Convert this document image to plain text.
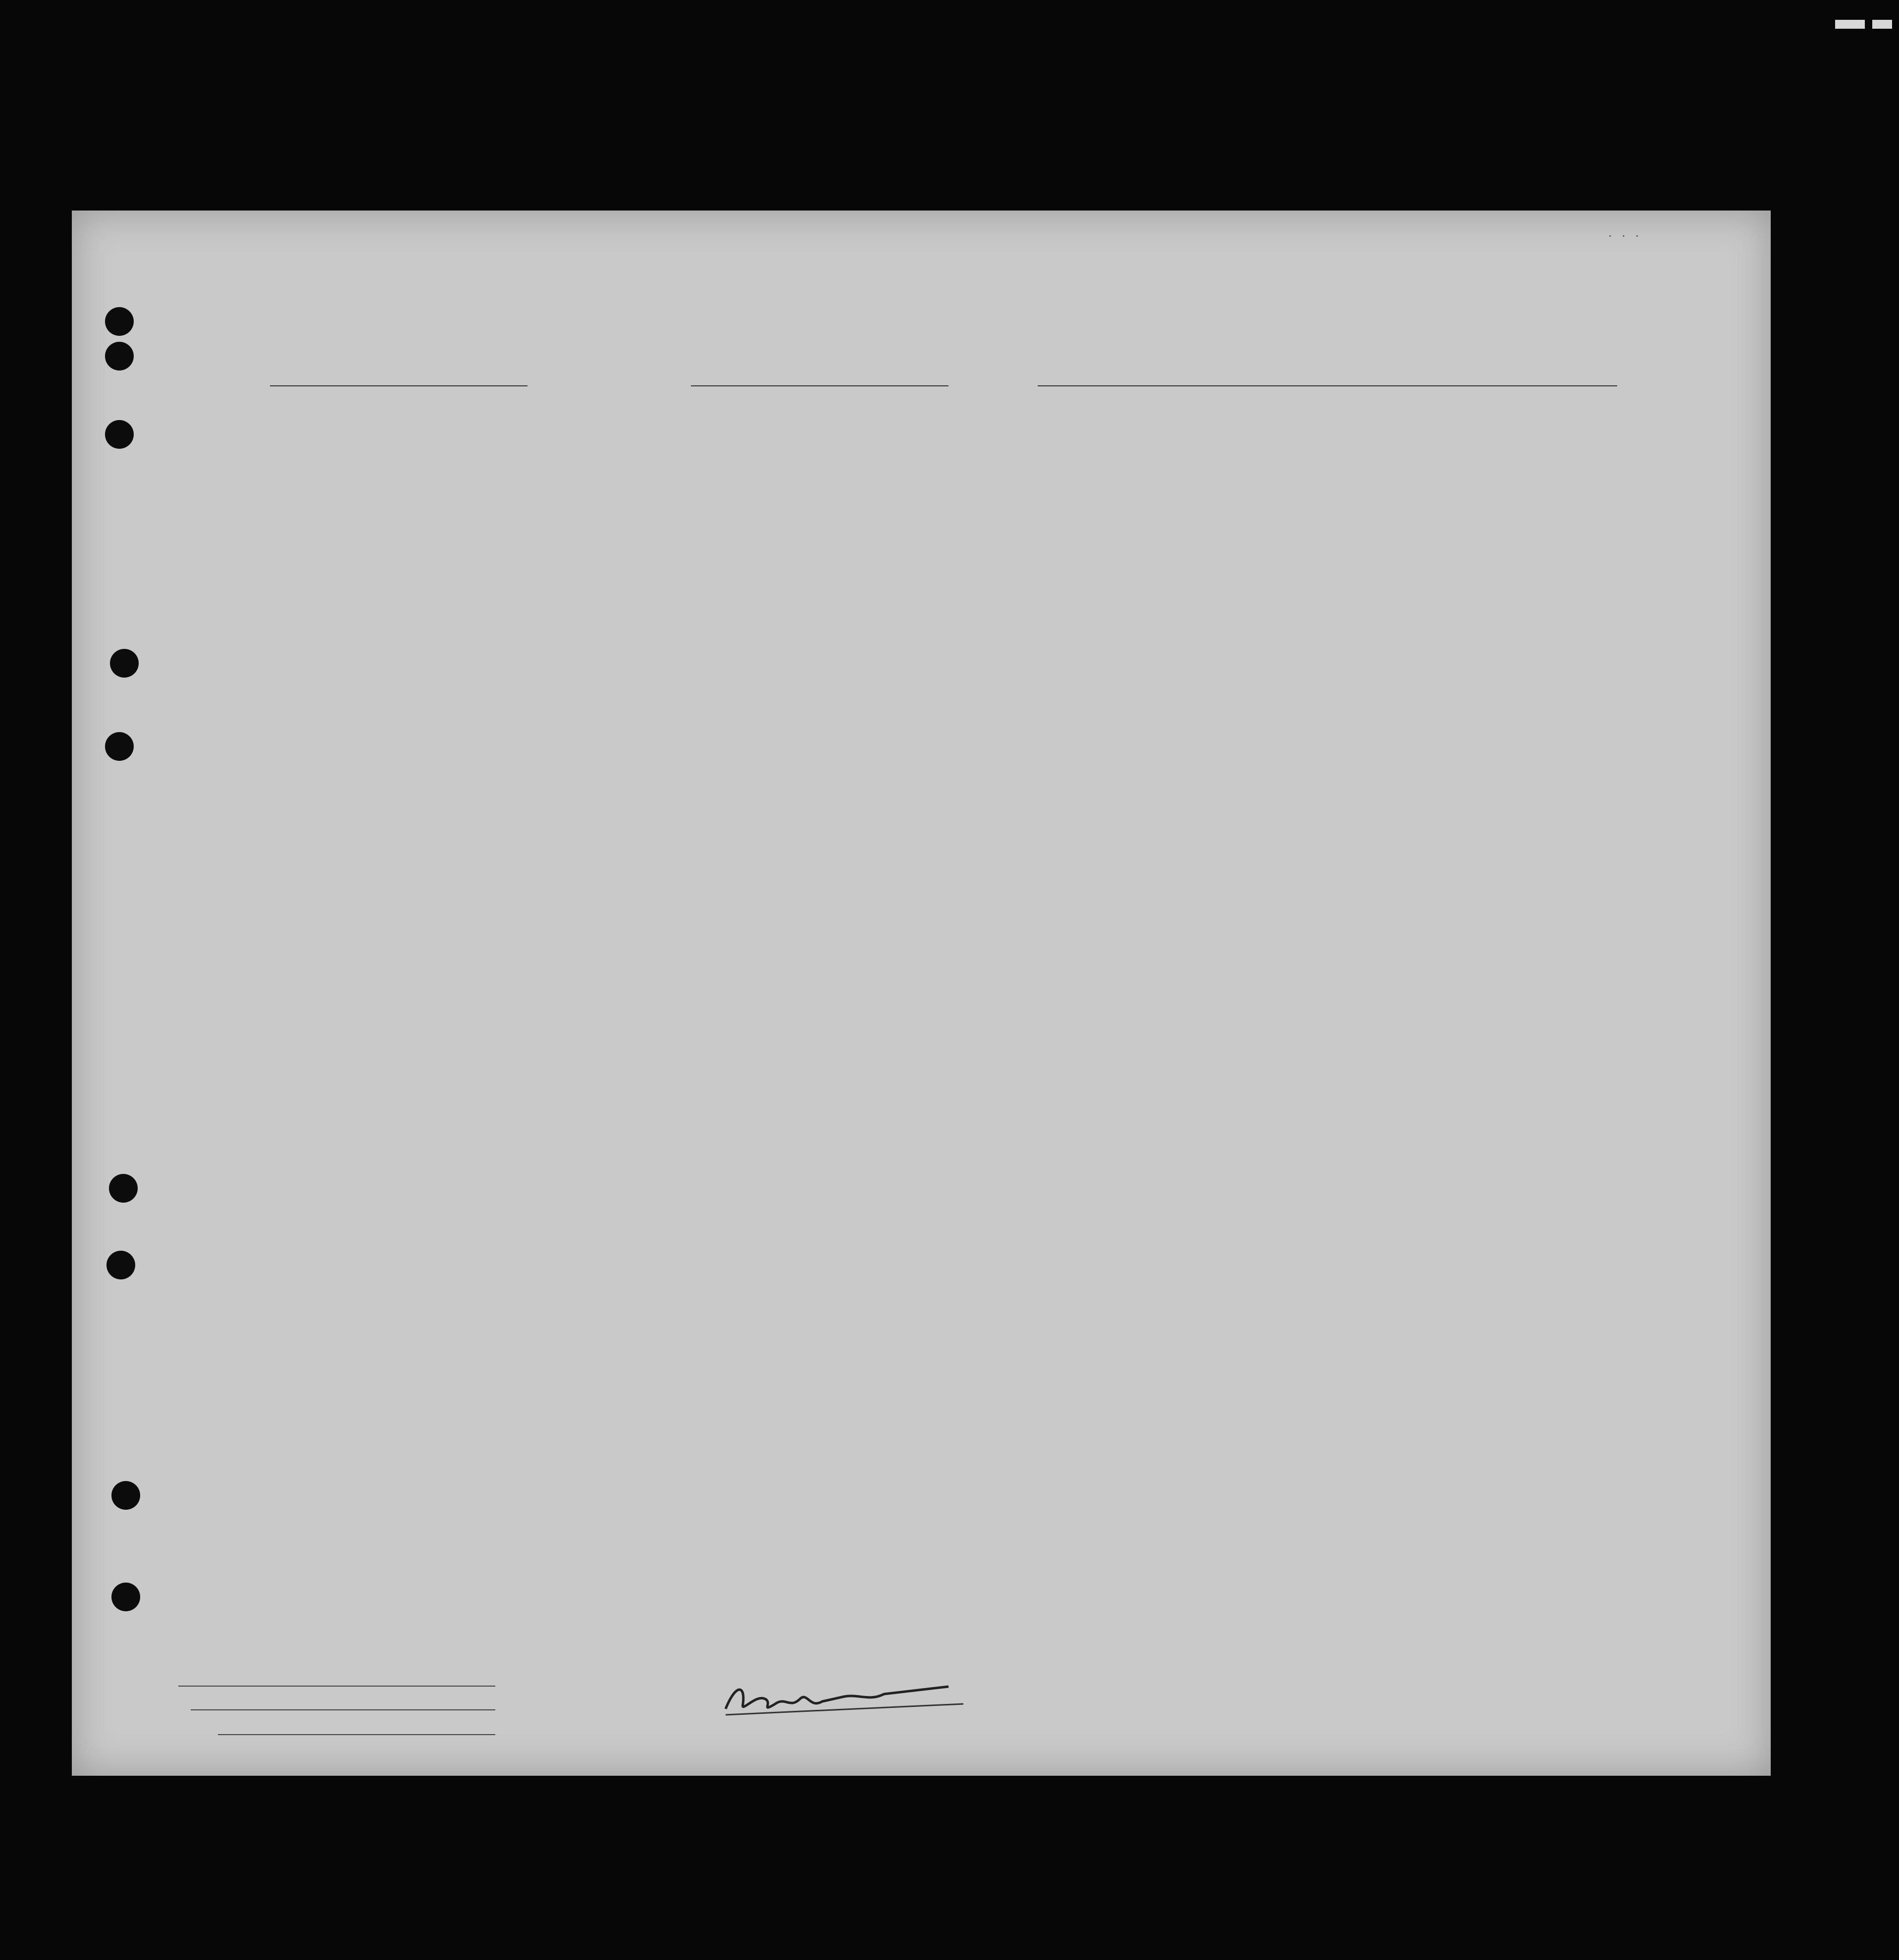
· · ·
